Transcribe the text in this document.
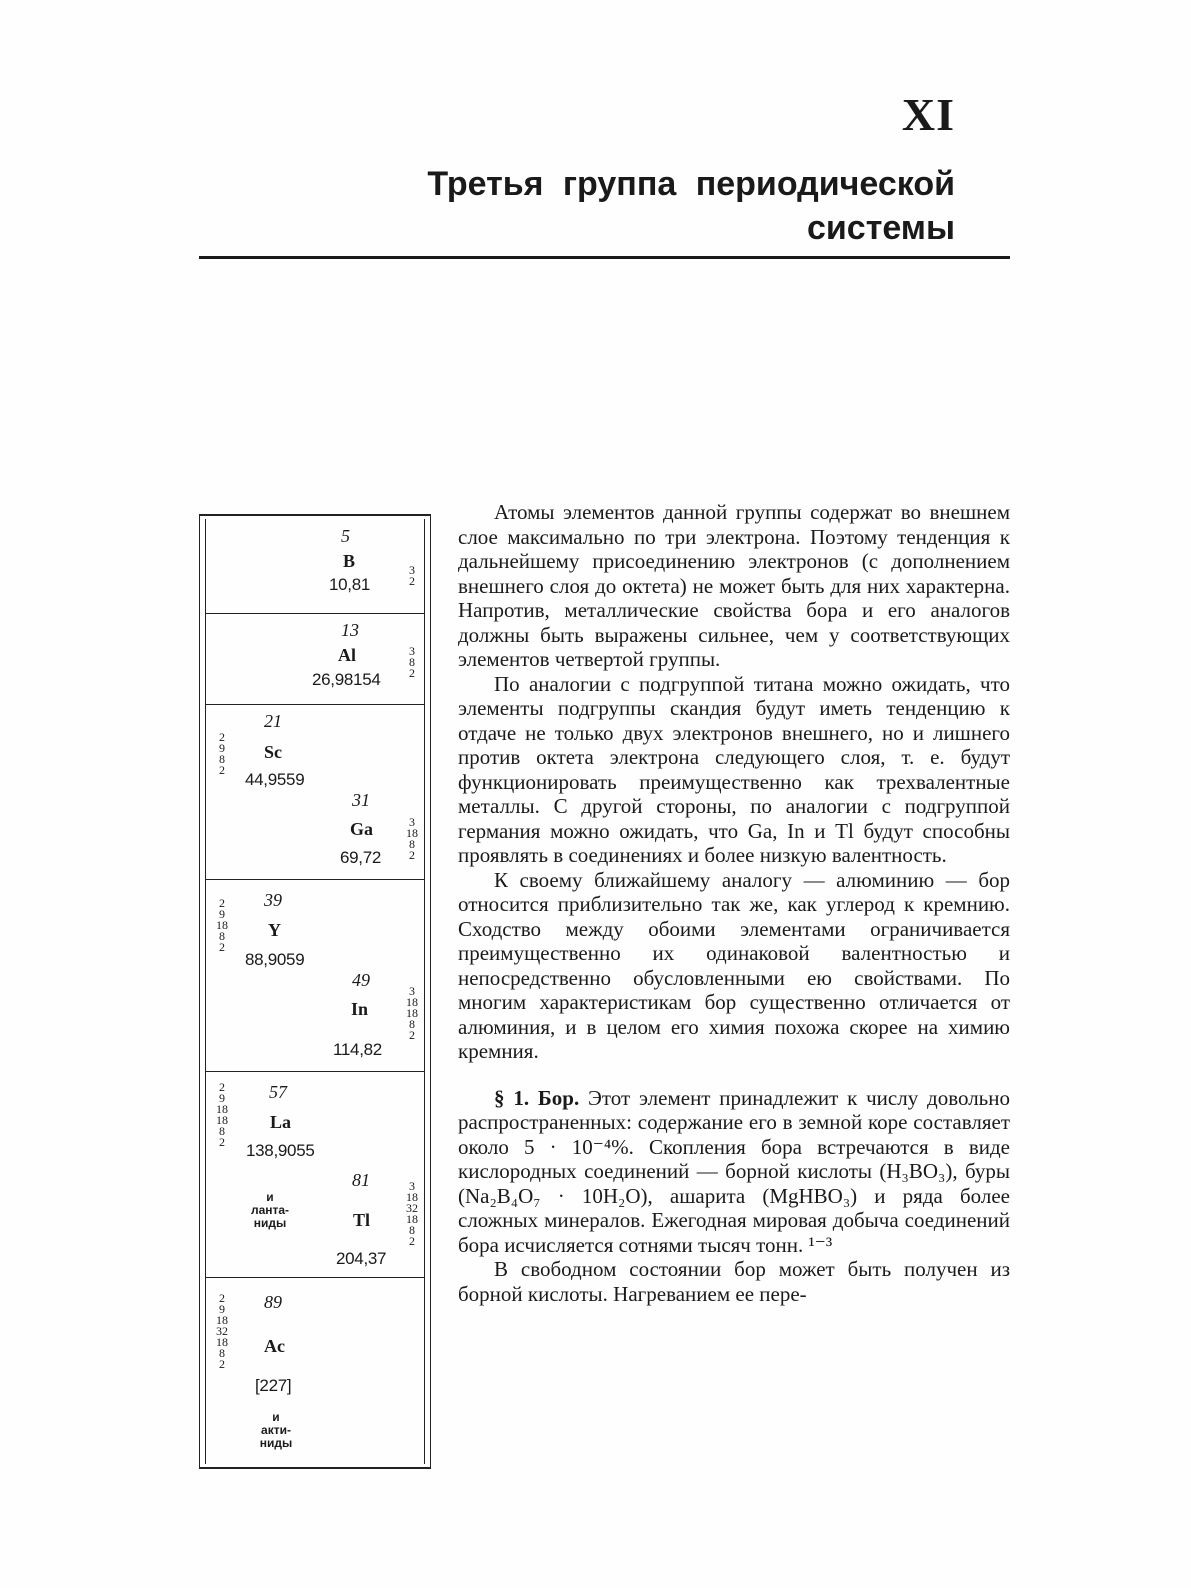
XI
Третья группа периодической
системы
5
B
10,81
3
2
13
Al
26,98154
3
8
2
21
Sc
44,9559
2
9
8
2
31
Ga
69,72
3
18
8
2
39
Y
88,9059
2
9
18
8
2
49
In
114,82
3
18
18
8
2
57
La
138,9055
2
9
18
18
8
2
и
ланта-
ниды
81
Tl
204,37
3
18
32
18
8
2
89
Ac
[227]
2
9
18
32
18
8
2
и
акти-
ниды

Атомы элементов данной группы содержат во внешнем слое максимально по три электрона. Поэтому тенденция к дальнейшему присоединению электронов (с дополнением внешнего слоя до октета) не может быть для них характерна. Напротив, металлические свойства бора и его аналогов должны быть выражены сильнее, чем у соответствующих элементов четвертой группы.

По аналогии с подгруппой титана можно ожидать, что элементы подгруппы скандия будут иметь тенденцию к отдаче не только двух электронов внешнего, но и лишнего против октета электрона следующего слоя, т. е. будут функционировать преимущественно как трехвалентные металлы. С другой стороны, по аналогии с подгруппой германия можно ожидать, что Ga, In и Tl будут способны проявлять в соединениях и более низкую валентность.

К своему ближайшему аналогу — алюминию — бор относится приблизительно так же, как углерод к кремнию. Сходство между обоими элементами ограничивается преимущественно их одинаковой валентностью и непосредственно обусловленными ею свойствами. По многим характеристикам бор существенно отличается от алюминия, и в целом его химия похожа скорее на химию кремния.

§ 1. Бор. Этот элемент принадлежит к числу довольно распространенных: содержание его в земной коре составляет около 5 · 10⁻⁴%. Скопления бора встречаются в виде кислородных соединений — борной кислоты (H₃BO₃), буры (Na₂B₄O₇ · 10H₂O), ашарита (MgHBO₃) и ряда более сложных минералов. Ежегодная мировая добыча соединений бора исчисляется сотнями тысяч тонн. ¹⁻³

В свободном состоянии бор может быть получен из борной кислоты. Нагреванием ее пере-
